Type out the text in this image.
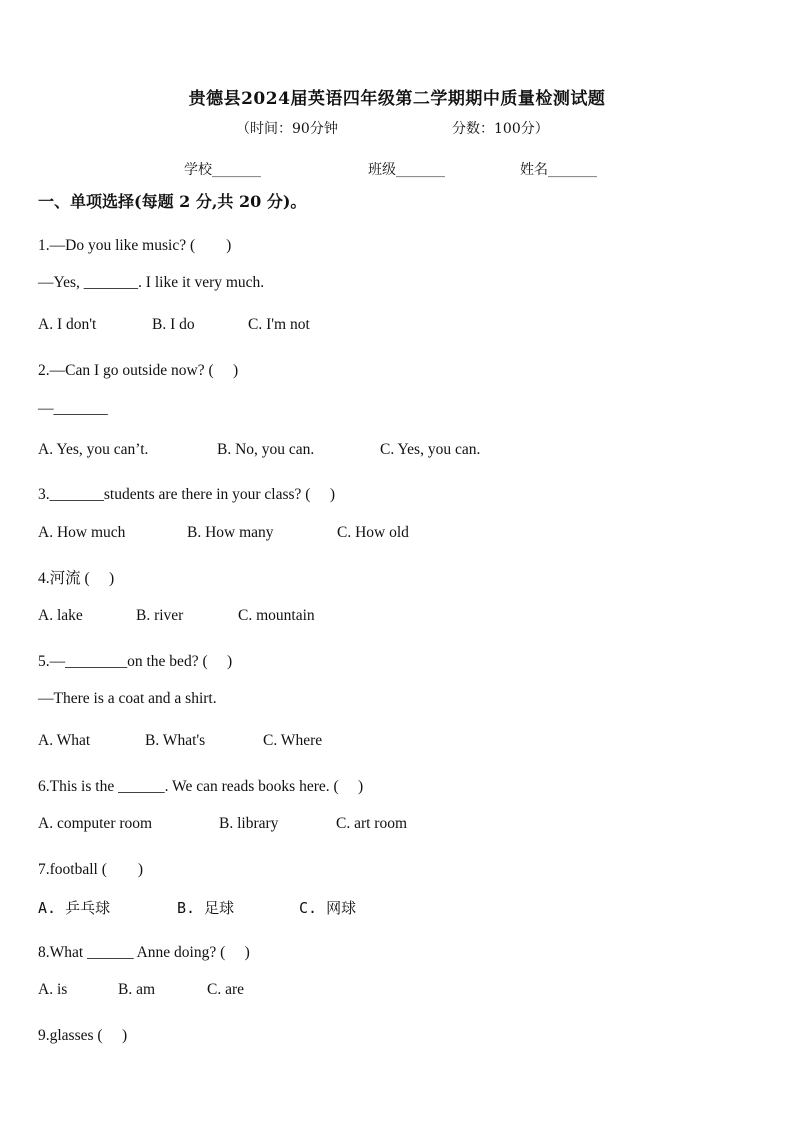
贵德县2024届英语四年级第二学期期中质量检测试题
（时间：90分钟	分数：100分）
学校_______	班级_______	姓名_______
一、单项选择(每题 2 分,共 20 分)。
1.—Do you like music? (　　)
—Yes, _______. I like it very much.
A. I don't	B. I do	C. I'm not
2.—Can I go outside now? (　 )
—_______
A. Yes, you can’t.	B. No, you can.	C. Yes, you can.
3._______students are there in your class? (　 )
A. How much	B. How many	C. How old
4.河流 (　 )
A. lake	B. river	C. mountain
5.—________on the bed? (　 )
—There is a coat and a shirt.
A. What	B. What's	C. Where
6.This is the ______. We can reads books here. (　 )
A. computer room	B. library	C. art room
7.football (　　)
A. 乒乓球	B. 足球	C. 网球
8.What ______ Anne doing? (　 )
A. is	B. am	C. are
9.glasses (　 )
